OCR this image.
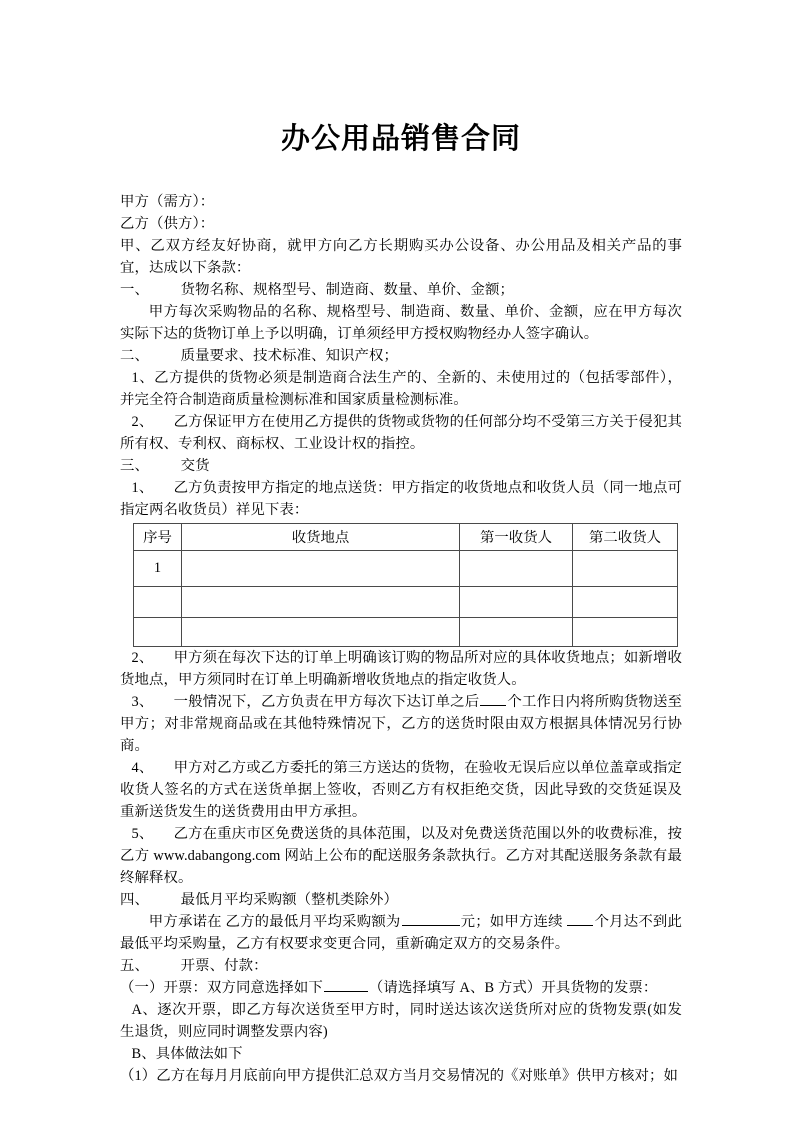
办公用品销售合同

甲方（需方）：

乙方（供方）：

甲、乙双方经友好协商，就甲方向乙方长期购买办公设备、办公用品及相关产品的事宜，达成以下条款：

一、 货物名称、规格型号、制造商、数量、单价、金额；

甲方每次采购物品的名称、规格型号、制造商、数量、单价、金额，应在甲方每次实际下达的货物订单上予以明确，订单须经甲方授权购物经办人签字确认。

二、 质量要求、技术标准、知识产权；

1、乙方提供的货物必须是制造商合法生产的、全新的、未使用过的（包括零部件），并完全符合制造商质量检测标准和国家质量检测标准。

2、 乙方保证甲方在使用乙方提供的货物或货物的任何部分均不受第三方关于侵犯其所有权、专利权、商标权、工业设计权的指控。

三、 交货

1、 乙方负责按甲方指定的地点送货：甲方指定的收货地点和收货人员（同一地点可指定两名收货员）祥见下表：

序号	收货地点	第一收货人	第二收货人
1			

2、 甲方须在每次下达的订单上明确该订购的物品所对应的具体收货地点；如新增收货地点，甲方须同时在订单上明确新增收货地点的指定收货人。

3、 一般情况下，乙方负责在甲方每次下达订单之后 个工作日内将所购货物送至甲方；对非常规商品或在其他特殊情况下，乙方的送货时限由双方根据具体情况另行协商。

4、 甲方对乙方或乙方委托的第三方送达的货物，在验收无误后应以单位盖章或指定收货人签名的方式在送货单据上签收，否则乙方有权拒绝交货，因此导致的交货延误及重新送货发生的送货费用由甲方承担。

5、 乙方在重庆市区免费送货的具体范围，以及对免费送货范围以外的收费标准，按乙方 www.dabangong.com 网站上公布的配送服务条款执行。乙方对其配送服务条款有最终解释权。

四、 最低月平均采购额（整机类除外）

甲方承诺在 乙方的最低月平均采购额为	元；如甲方连续 个月达不到此最低平均采购量，乙方有权要求变更合同，重新确定双方的交易条件。

五、 开票、付款：

（一）开票：双方同意选择如下	（请选择填写 A、B 方式）开具货物的发票：

A、逐次开票，即乙方每次送货至甲方时，同时送达该次送货所对应的货物发票(如发生退货，则应同时调整发票内容)

B、具体做法如下

（1）乙方在每月月底前向甲方提供汇总双方当月交易情况的《对账单》供甲方核对；如
